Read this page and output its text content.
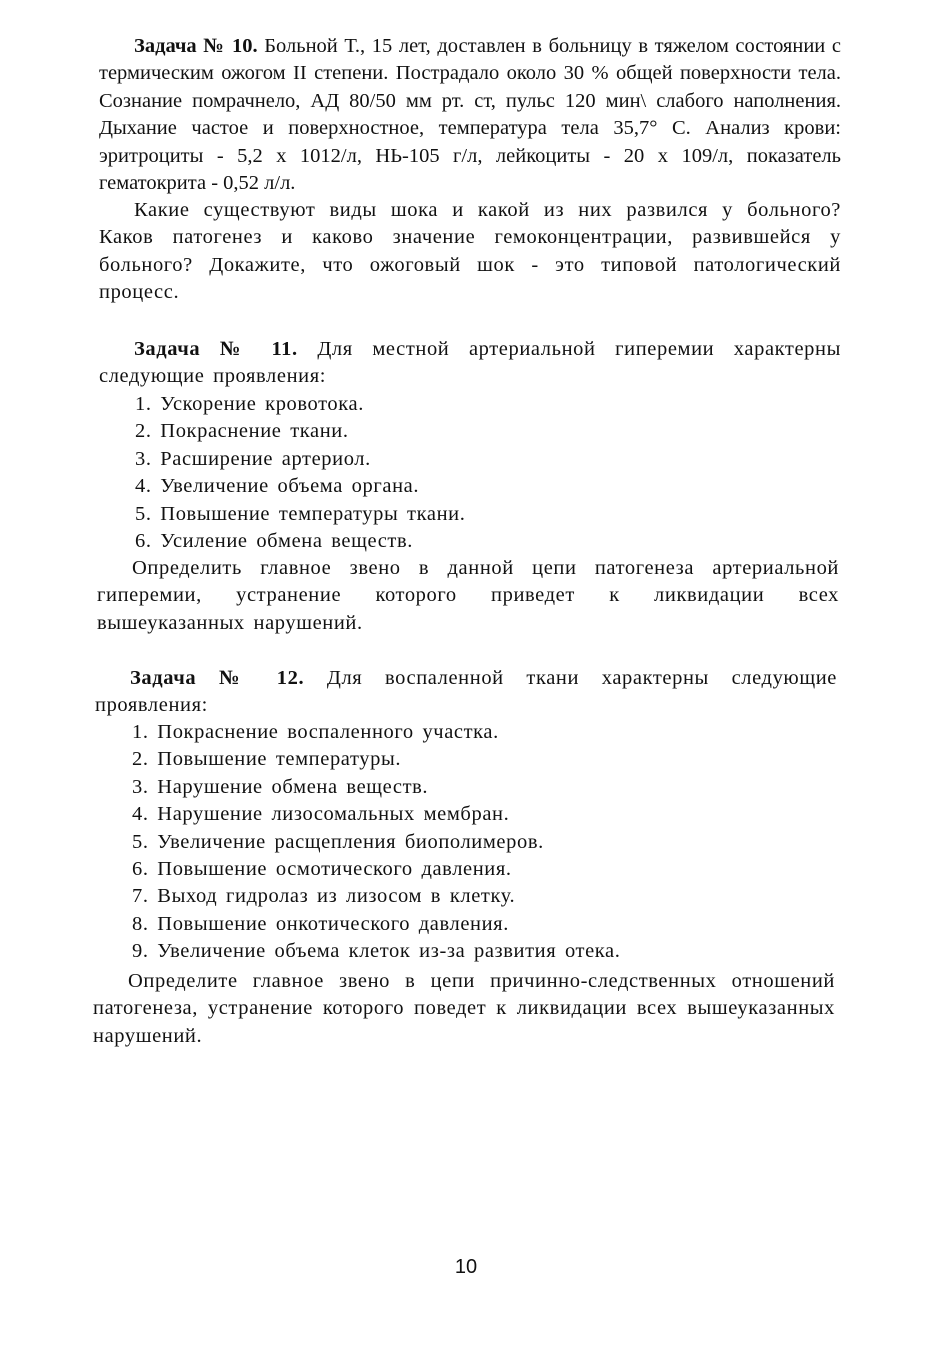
Задача № 10. Больной Т., 15 лет, доставлен в больницу в тяжелом состоянии с термическим ожогом II степени. Пострадало около 30 % общей поверхности тела. Сознание помрачнело, АД 80/50 мм рт. ст, пульс 120 мин\ слабого наполнения. Дыхание частое и поверхностное, температура тела 35,7° С. Анализ крови: эритроциты - 5,2 x 1012/л, НЬ-105 г/л, лейкоциты - 20 x 109/л, показатель гематокрита - 0,52 л/л.

Какие существуют виды шока и какой из них развился у больного? Каков патогенез и каково значение гемоконцентрации, развившейся у больного? Докажите, что ожоговый шок - это типовой патологический процесс.

Задача № 11. Для местной артериальной гиперемии характерны следующие проявления:

1. Ускорение кровотока.
2. Покраснение ткани.
3. Расширение артериол.
4. Увеличение объема органа.
5. Повышение температуры ткани.
6. Усиление обмена веществ.

Определить главное звено в данной цепи патогенеза артериальной гиперемии, устранение которого приведет к ликвидации всех вышеуказанных нарушений.

Задача № 12. Для воспаленной ткани характерны следующие проявления:

1. Покраснение воспаленного участка.
2. Повышение температуры.
3. Нарушение обмена веществ.
4. Нарушение лизосомальных мембран.
5. Увеличение расщепления биополимеров.
6. Повышение осмотического давления.
7. Выход гидролаз из лизосом в клетку.
8. Повышение онкотического давления.
9. Увеличение объема клеток из-за развития отека.

Определите главное звено в цепи причинно-следственных отношений патогенеза, устранение которого поведет к ликвидации всех вышеуказанных нарушений.

10
